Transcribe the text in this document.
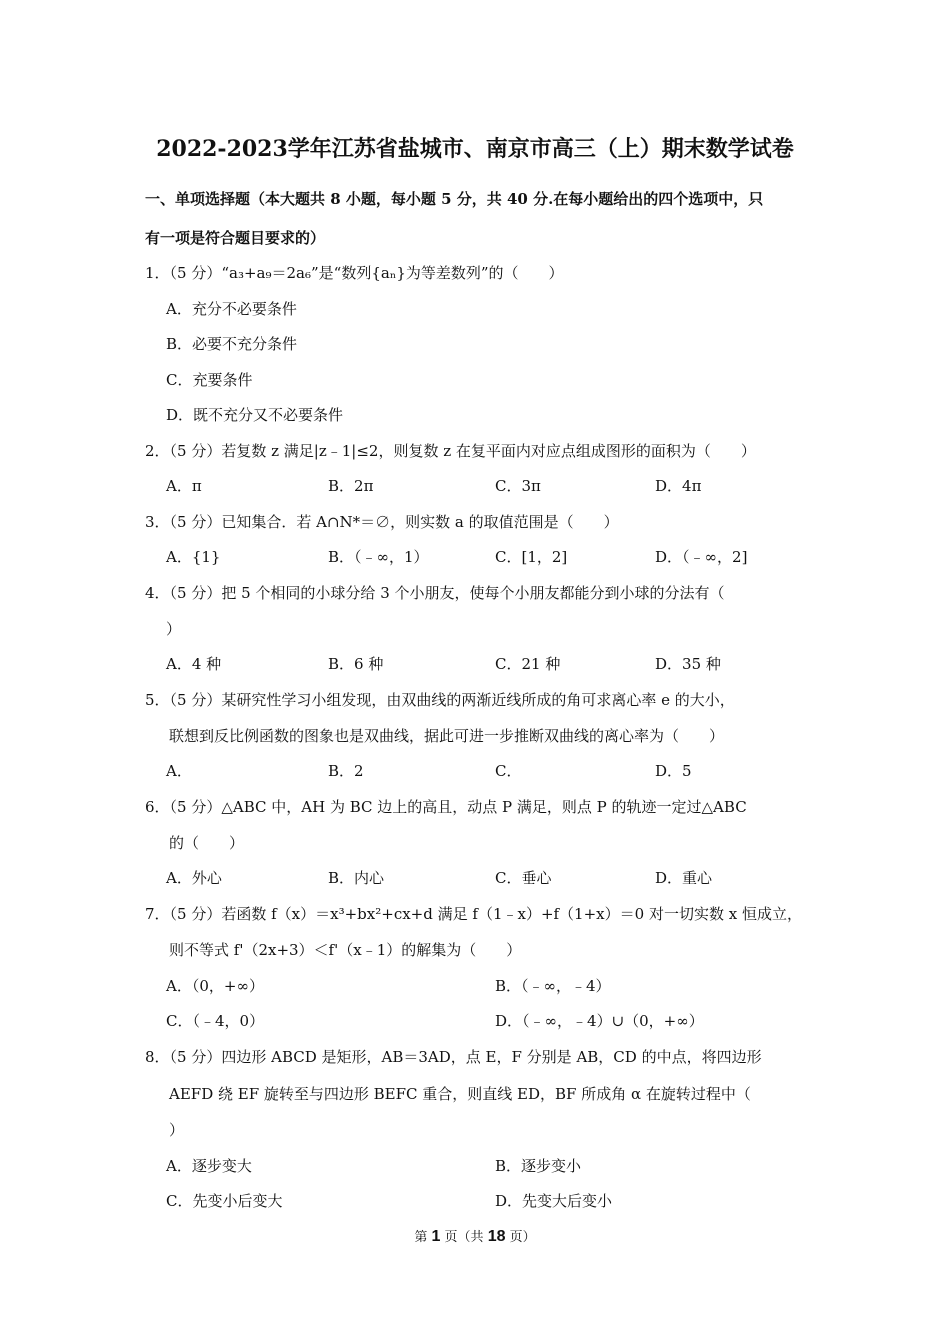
2022-2023学年江苏省盐城市、南京市高三（上）期末数学试卷
一、单项选择题（本大题共 8 小题，每小题 5 分，共 40 分.在每小题给出的四个选项中，只
有一项是符合题目要求的）
1．（5 分）“a₃+a₉＝2a₆”是“数列{aₙ}为等差数列”的（　　）
A．充分不必要条件
B．必要不充分条件
C．充要条件
D．既不充分又不必要条件
2．（5 分）若复数 z 满足|z﹣1|≤2，则复数 z 在复平面内对应点组成图形的面积为（　　）
A．π	B．2π	C．3π	D．4π
3．（5 分）已知集合．若 A∩N*＝∅，则实数 a 的取值范围是（　　）
A．{1}	B．（﹣∞，1）	C．[1，2]	D．（﹣∞，2]
4．（5 分）把 5 个相同的小球分给 3 个小朋友，使每个小朋友都能分到小球的分法有（
）
A．4 种	B．6 种	C．21 种	D．35 种
5．（5 分）某研究性学习小组发现，由双曲线的两渐近线所成的角可求离心率 e 的大小，
联想到反比例函数的图象也是双曲线，据此可进一步推断双曲线的离心率为（　　）
A．	B．2	C．	D．5
6．（5 分）△ABC 中，AH 为 BC 边上的高且，动点 P 满足，则点 P 的轨迹一定过△ABC
的（　　）
A．外心	B．内心	C．垂心	D．重心
7．（5 分）若函数 f（x）＝x³+bx²+cx+d 满足 f（1﹣x）+f（1+x）＝0 对一切实数 x 恒成立，
则不等式 f'（2x+3）＜f'（x﹣1）的解集为（　　）
A．（0，+∞）	B．（﹣∞，﹣4）
C．（﹣4，0）	D．（﹣∞，﹣4）∪（0，+∞）
8．（5 分）四边形 ABCD 是矩形，AB＝3AD，点 E，F 分别是 AB，CD 的中点，将四边形
AEFD 绕 EF 旋转至与四边形 BEFC 重合，则直线 ED，BF 所成角 α 在旋转过程中（
）
A．逐步变大	B．逐步变小
C．先变小后变大	D．先变大后变小
第 1 页（共 18 页）
